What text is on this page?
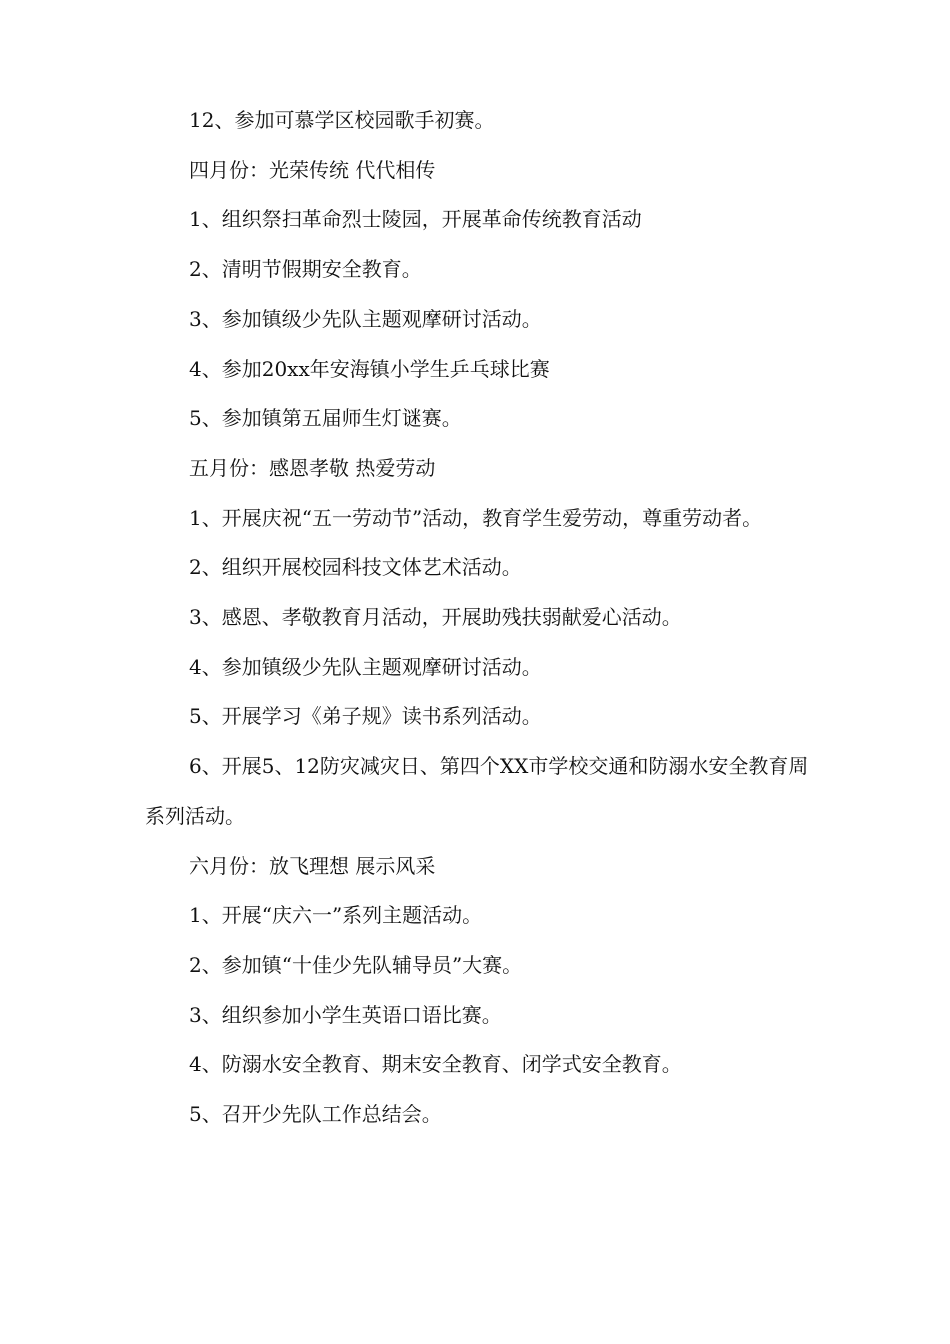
12、参加可慕学区校园歌手初赛。

四月份：光荣传统 代代相传

1、组织祭扫革命烈士陵园，开展革命传统教育活动

2、清明节假期安全教育。

3、参加镇级少先队主题观摩研讨活动。

4、参加20xx年安海镇小学生乒乓球比赛

5、参加镇第五届师生灯谜赛。

五月份：感恩孝敬 热爱劳动

1、开展庆祝“五一劳动节”活动，教育学生爱劳动，尊重劳动者。

2、组织开展校园科技文体艺术活动。

3、感恩、孝敬教育月活动，开展助残扶弱献爱心活动。

4、参加镇级少先队主题观摩研讨活动。

5、开展学习《弟子规》读书系列活动。

6、开展5、12防灾减灾日、第四个XX市学校交通和防溺水安全教育周系列活动。

六月份：放飞理想 展示风采

1、开展“庆六一”系列主题活动。

2、参加镇“十佳少先队辅导员”大赛。

3、组织参加小学生英语口语比赛。

4、防溺水安全教育、期末安全教育、闭学式安全教育。

5、召开少先队工作总结会。
